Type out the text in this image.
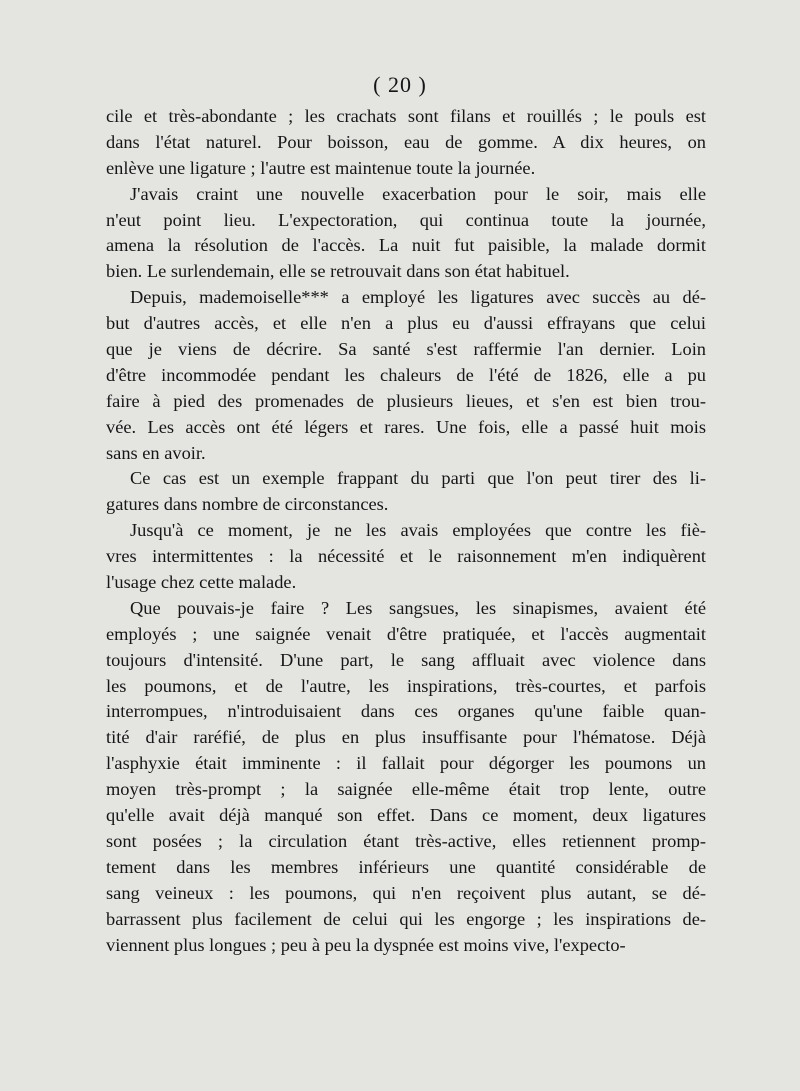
( 20 )
cile et très-abondante ; les crachats sont filans et rouillés ; le pouls est
dans l'état naturel. Pour boisson, eau de gomme. A dix heures, on
enlève une ligature ; l'autre est maintenue toute la journée.
J'avais craint une nouvelle exacerbation pour le soir, mais elle
n'eut point lieu. L'expectoration, qui continua toute la journée,
amena la résolution de l'accès. La nuit fut paisible, la malade dormit
bien. Le surlendemain, elle se retrouvait dans son état habituel.
Depuis, mademoiselle*** a employé les ligatures avec succès au dé-
but d'autres accès, et elle n'en a plus eu d'aussi effrayans que celui
que je viens de décrire. Sa santé s'est raffermie l'an dernier. Loin
d'être incommodée pendant les chaleurs de l'été de 1826, elle a pu
faire à pied des promenades de plusieurs lieues, et s'en est bien trou-
vée. Les accès ont été légers et rares. Une fois, elle a passé huit mois
sans en avoir.
Ce cas est un exemple frappant du parti que l'on peut tirer des li-
gatures dans nombre de circonstances.
Jusqu'à ce moment, je ne les avais employées que contre les fiè-
vres intermittentes : la nécessité et le raisonnement m'en indiquèrent
l'usage chez cette malade.
Que pouvais-je faire ? Les sangsues, les sinapismes, avaient été
employés ; une saignée venait d'être pratiquée, et l'accès augmentait
toujours d'intensité. D'une part, le sang affluait avec violence dans
les poumons, et de l'autre, les inspirations, très-courtes, et parfois
interrompues, n'introduisaient dans ces organes qu'une faible quan-
tité d'air raréfié, de plus en plus insuffisante pour l'hématose. Déjà
l'asphyxie était imminente : il fallait pour dégorger les poumons un
moyen très-prompt ; la saignée elle-même était trop lente, outre
qu'elle avait déjà manqué son effet. Dans ce moment, deux ligatures
sont posées ; la circulation étant très-active, elles retiennent promp-
tement dans les membres inférieurs une quantité considérable de
sang veineux : les poumons, qui n'en reçoivent plus autant, se dé-
barrassent plus facilement de celui qui les engorge ; les inspirations de-
viennent plus longues ; peu à peu la dyspnée est moins vive, l'expecto-
